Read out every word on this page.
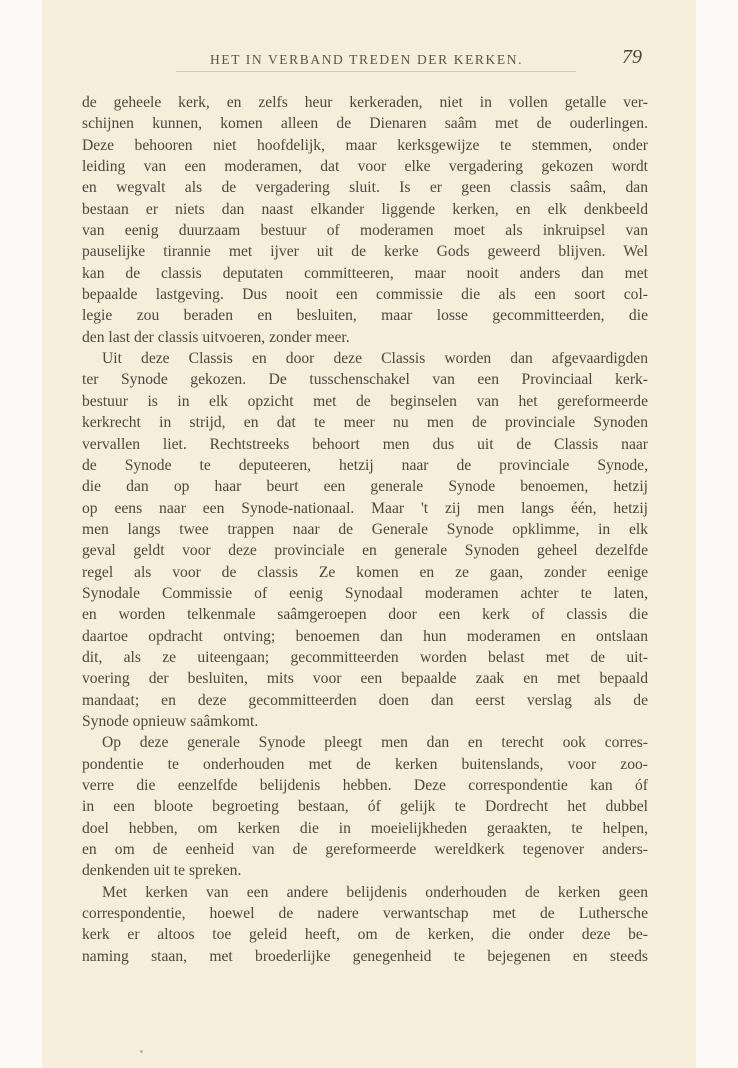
HET IN VERBAND TREDEN DER KERKEN.	79
de geheele kerk, en zelfs heur kerkeraden, niet in vollen getalle ver-
schijnen kunnen, komen alleen de Dienaren saâm met de ouderlingen.
Deze behooren niet hoofdelijk, maar kerksgewijze te stemmen, onder
leiding van een moderamen, dat voor elke vergadering gekozen wordt
en wegvalt als de vergadering sluit. Is er geen classis saâm, dan
bestaan er niets dan naast elkander liggende kerken, en elk denkbeeld
van eenig duurzaam bestuur of moderamen moet als inkruipsel van
pauselijke tirannie met ijver uit de kerke Gods geweerd blijven. Wel
kan de classis deputaten committeeren, maar nooit anders dan met
bepaalde lastgeving. Dus nooit een commissie die als een soort col-
legie zou beraden en besluiten, maar losse gecommitteerden, die
den last der classis uitvoeren, zonder meer.
Uit deze Classis en door deze Classis worden dan afgevaardigden
ter Synode gekozen. De tusschenschakel van een Provinciaal kerk-
bestuur is in elk opzicht met de beginselen van het gereformeerde
kerkrecht in strijd, en dat te meer nu men de provinciale Synoden
vervallen liet. Rechtstreeks behoort men dus uit de Classis naar
de Synode te deputeeren, hetzij naar de provinciale Synode,
die dan op haar beurt een generale Synode benoemen, hetzij
op eens naar een Synode-nationaal. Maar 't zij men langs één, hetzij
men langs twee trappen naar de Generale Synode opklimme, in elk
geval geldt voor deze provinciale en generale Synoden geheel dezelfde
regel als voor de classis Ze komen en ze gaan, zonder eenige
Synodale Commissie of eenig Synodaal moderamen achter te laten,
en worden telkenmale saâmgeroepen door een kerk of classis die
daartoe opdracht ontving; benoemen dan hun moderamen en ontslaan
dit, als ze uiteengaan; gecommitteerden worden belast met de uit-
voering der besluiten, mits voor een bepaalde zaak en met bepaald
mandaat; en deze gecommitteerden doen dan eerst verslag als de
Synode opnieuw saâmkomt.
Op deze generale Synode pleegt men dan en terecht ook corres-
pondentie te onderhouden met de kerken buitenslands, voor zoo-
verre die eenzelfde belijdenis hebben. Deze correspondentie kan óf
in een bloote begroeting bestaan, óf gelijk te Dordrecht het dubbel
doel hebben, om kerken die in moeielijkheden geraakten, te helpen,
en om de eenheid van de gereformeerde wereldkerk tegenover anders-
denkenden uit te spreken.
Met kerken van een andere belijdenis onderhouden de kerken geen
correspondentie, hoewel de nadere verwantschap met de Luthersche
kerk er altoos toe geleid heeft, om de kerken, die onder deze be-
naming staan, met broederlijke genegenheid te bejegenen en steeds
